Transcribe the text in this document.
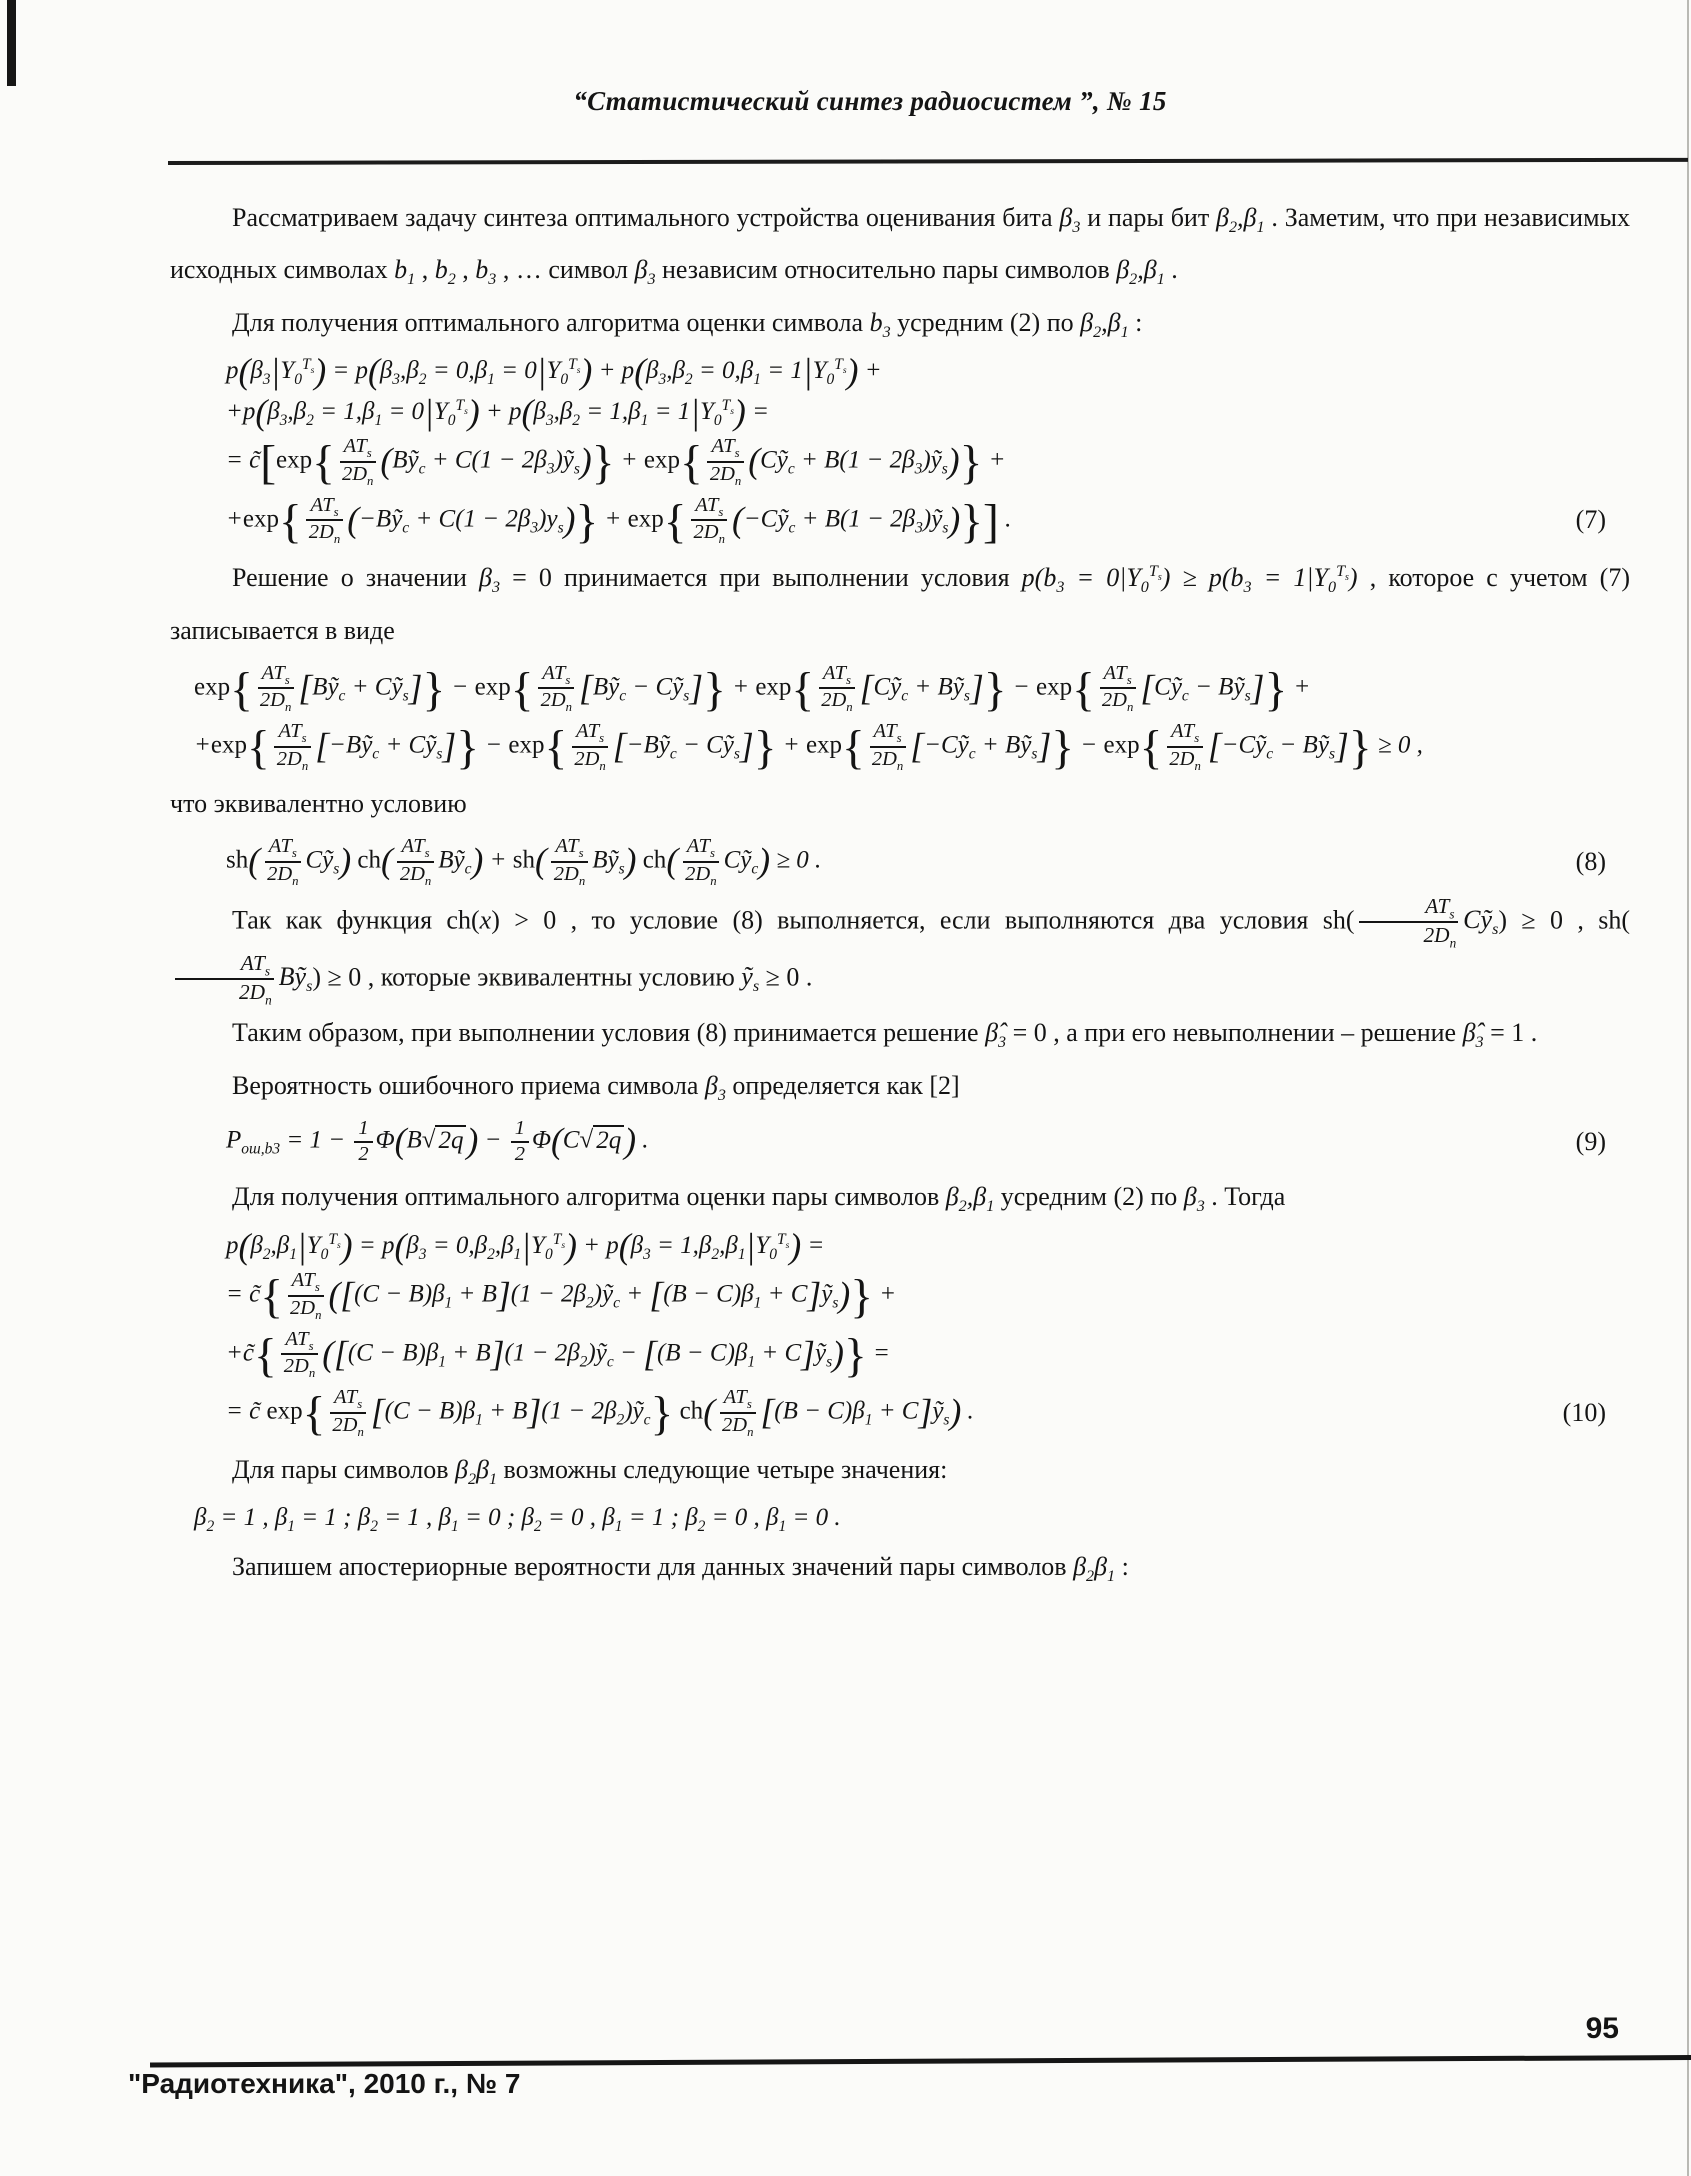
“Статистический синтез радиосистем ”, № 15

Рассматриваем задачу синтеза оптимального устройства оценивания бита $\beta_3$ и пары бит $\beta_2,\beta_1$ . Заметим, что при независимых исходных символах $b_1$ , $b_2$ , $b_3$ , … символ $\beta_3$ независим относительно пары символов $\beta_2,\beta_1$ .

Для получения оптимального алгоритма оценки символа $b_3$ усредним (2) по $\beta_2,\beta_1$ :

$p(\beta_3|Y_0^{T_s}) = p(\beta_3,\beta_2 = 0,\beta_1 = 0|Y_0^{T_s}) + p(\beta_3,\beta_2 = 0,\beta_1 = 1|Y_0^{T_s})$ +
$+p(\beta_3,\beta_2 = 1,\beta_1 = 0|Y_0^{T_s}) + p(\beta_3,\beta_2 = 1,\beta_1 = 1|Y_0^{T_s})$ =
= c̃[exp{ $\frac{AT_s}{2D_n}$ (Bỹ$_c$ + $C(1 - 2\beta_3)ỹ_s)\} + \exp\{ \frac{AT_s}{2D_n}$ (Cỹ$_c$ + $B(1 - 2\beta_3)ỹ_s$)} +
$+\exp\{ \frac{AT_s}{2D_n}$ (−Bỹ$_c$ + $C(1 - 2\beta_3)y_s)\} + \exp\{ \frac{AT_s}{2D_n}$ (−Cỹ$_c$ + $B(1 - 2\beta_3)ỹ_s$)}] .	(7)

Решение о значении $\beta_3 = 0$ принимается при выполнении условия $p(b_3 = 0|Y_0^{T_s}) \ge p(b_3 = 1|Y_0^{T_s})$ , которое с учетом (7) записывается в виде

$\exp\{ \frac{AT_s}{2D_n}$ [Bỹ$_c$ + Cỹ$_s$]} − $\exp\{ \frac{AT_s}{2D_n}$ [Bỹ$_c$ − Cỹ$_s$]} + $\exp\{ \frac{AT_s}{2D_n}$ [Cỹ$_c$ + Bỹ$_s$]} − $\exp\{ \frac{AT_s}{2D_n}$ [Cỹ$_c$ − Bỹ$_s$]} +
$+\exp\{ \frac{AT_s}{2D_n}$ [−Bỹ$_c$ + Cỹ$_s$]} − $\exp\{ \frac{AT_s}{2D_n}$ [−Bỹ$_c$ − Cỹ$_s$]} + $\exp\{ \frac{AT_s}{2D_n}$ [−Cỹ$_c$ + Bỹ$_s$]} − $\exp\{ \frac{AT_s}{2D_n}$ [−Cỹ$_c$ − Bỹ$_s$]} ≥ 0 ,

что эквивалентно условию

$sh( \frac{AT_s}{2D_n}$ Cỹ$_s$) $ch( \frac{AT_s}{2D_n}$ Bỹ$_c$) + $sh( \frac{AT_s}{2D_n}$ Bỹ$_s$) $ch( \frac{AT_s}{2D_n}$ Cỹ$_c$) ≥ 0 .	(8)

Так как функция ch(x) > 0 , то условие (8) выполняется, если выполняются два условия $sh( \frac{AT_s}{2D_n}$ Cỹ$_s$) ≥ 0 , sh(
$\frac{AT_s}{2D_n}$ Bỹ$_s$) ≥ 0 , которые эквивалентны условию ỹ$_s$ ≥ 0 .

Таким образом, при выполнении условия (8) принимается решение $\betâ_3 = 0$ , а при его невыполнении – решение $\betâ_3 = 1$ .

Вероятность ошибочного приема символа $\beta_3$ определяется как [2]

$P_{ош,b3} = 1 - \frac{1}{2} \Phi(B√$ $2q) - \frac{1}{2} \Phi(C√$ 2q) .	(9)

Для получения оптимального алгоритма оценки пары символов $\beta_2,\beta_1$ усредним (2) по $\beta_3$ . Тогда

$p(\beta_2,\beta_1|Y_0^{T_s}) = p(\beta_3 = 0,\beta_2,\beta_1|Y_0^{T_s}) + p(\beta_3 = 1,\beta_2,\beta_1|Y_0^{T_s})$ =
= c̃{ $\frac{AT_s}{2D_n} ([(C - B)\beta_1 + B](1$ − $2\beta_2)ỹ_c + [(B - C)\beta_1$ + C]ỹ$_s$)} +
+c̃{ $\frac{AT_s}{2D_n} ([(C - B)\beta_1 + B](1$ − $2\beta_2)ỹ_c - [(B - C)\beta_1$ + C]ỹ$_s$)} =
= c̃ $\exp\{ \frac{AT_s}{2D_n} [(C - B)\beta_1 + B](1$ − $2\beta_2)ỹ_c$} $ch( \frac{AT_s}{2D_n} [(B - C)\beta_1$ + C]ỹ$_s$) .	(10)

Для пары символов $\beta_2\beta_1$ возможны следующие четыре значения:

$\beta_2 = 1$ , $\beta_1 = 1$ ; $\beta_2 = 1$ , $\beta_1 = 0$ ; $\beta_2 = 0$ , $\beta_1 = 1$ ; $\beta_2 = 0$ , $\beta_1 = 0$ .

Запишем апостериорные вероятности для данных значений пары символов $\beta_2\beta_1$ :

95
"Радиотехника", 2010 г., № 7
